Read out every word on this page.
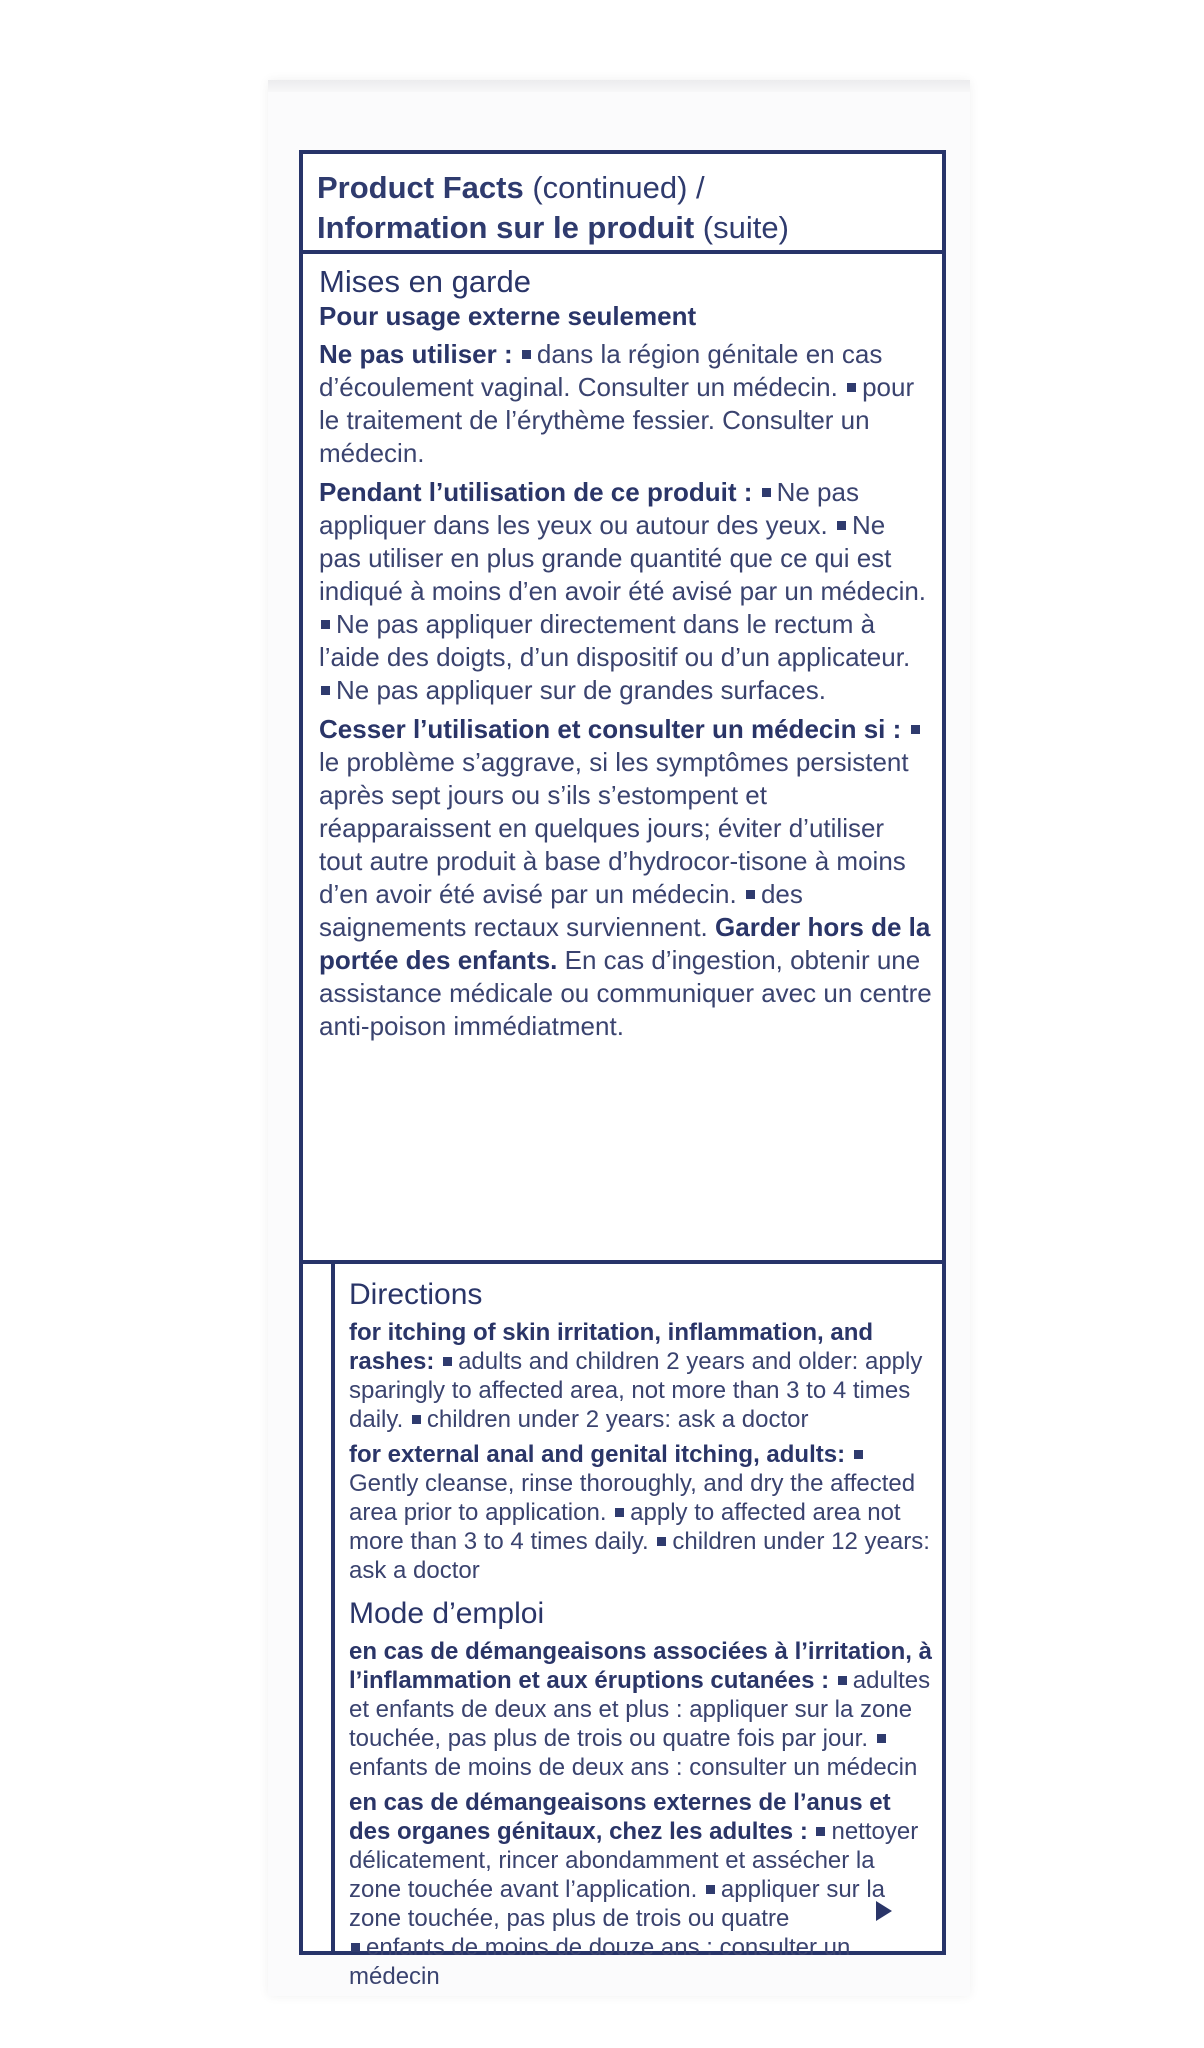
Product Facts (continued) /
Information sur le produit (suite)
Mises en garde
Pour usage externe seulement
Ne pas utiliser : dans la région génitale en cas d’écoulement vaginal. Consulter un médecin. pour le traitement de l’érythème fessier. Consulter un médecin.
Pendant l’utilisation de ce produit : Ne pas appliquer dans les yeux ou autour des yeux. Ne pas utiliser en plus grande quantité que ce qui est indiqué à moins d’en avoir été avisé par un médecin. Ne pas appliquer directement dans le rectum à l’aide des doigts, d’un dispositif ou d’un applicateur. Ne pas appliquer sur de grandes surfaces.
Cesser l’utilisation et consulter un médecin si : le problème s’aggrave, si les symptômes persistent après sept jours ou s’ils s’estompent et réapparaissent en quelques jours; éviter d’utiliser tout autre produit à base d’hydrocor-tisone à moins d’en avoir été avisé par un médecin. des saignements rectaux surviennent. Garder hors de la portée des enfants. En cas d’ingestion, obtenir une assistance médicale ou communiquer avec un centre anti-poison immédiatment.
Directions
for itching of skin irritation, inflammation, and rashes: adults and children 2 years and older: apply sparingly to affected area, not more than 3 to 4 times daily. children under 2 years: ask a doctor
for external anal and genital itching, adults: Gently cleanse, rinse thoroughly, and dry the affected area prior to application. apply to affected area not more than 3 to 4 times daily. children under 12 years: ask a doctor
Mode d’emploi
en cas de démangeaisons associées à l’irritation, à l’inflammation et aux éruptions cutanées : adultes et enfants de deux ans et plus : appliquer sur la zone touchée, pas plus de trois ou quatre fois par jour. enfants de moins de deux ans : consulter un médecin
en cas de démangeaisons externes de l’anus et des organes génitaux, chez les adultes : nettoyer délicatement, rincer abondamment et assécher la zone touchée avant l’application. appliquer sur la zone touchée, pas plus de trois ou quatre
enfants de moins de douze ans : consulter un médecin
